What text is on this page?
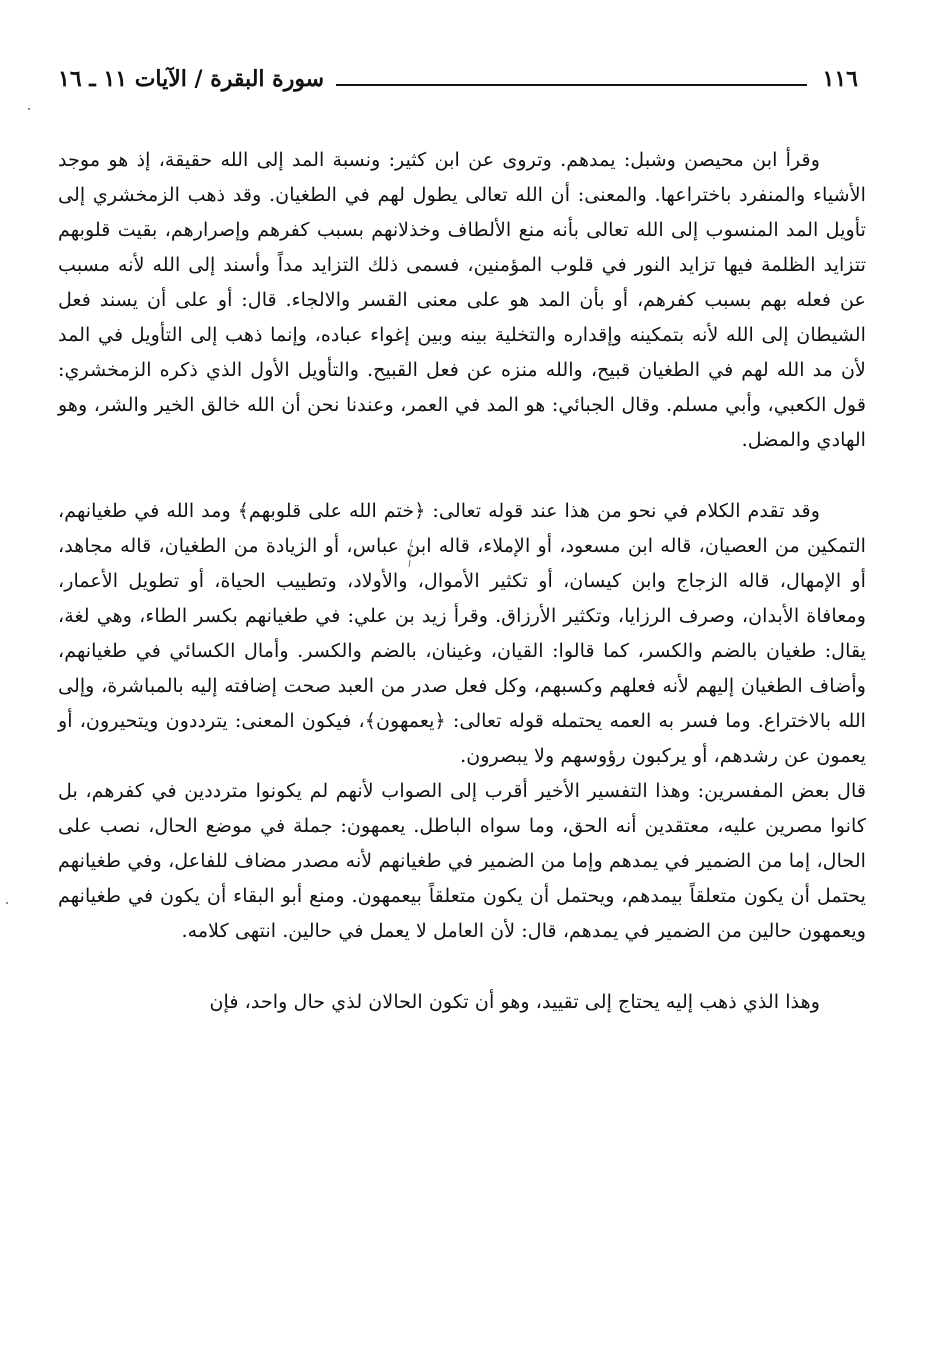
١١٦
سورة البقرة / الآيات ١١ ـ ١٦

وقرأ ابن محيصن وشبل: يمدهم. وتروى عن ابن كثير: ونسبة المد إلى الله حقيقة، إذ هو موجد الأشياء والمنفرد باختراعها. والمعنى: أن الله تعالى يطول لهم في الطغيان. وقد ذهب الزمخشري إلى تأويل المد المنسوب إلى الله تعالى بأنه منع الألطاف وخذلانهم بسبب كفرهم وإصرارهم، بقيت قلوبهم تتزايد الظلمة فيها تزايد النور في قلوب المؤمنين، فسمى ذلك التزايد مداً وأسند إلى الله لأنه مسبب عن فعله بهم بسبب كفرهم، أو بأن المد هو على معنى القسر والالجاء. قال: أو على أن يسند فعل الشيطان إلى الله لأنه بتمكينه وإقداره والتخلية بينه وبين إغواء عباده، وإنما ذهب إلى التأويل في المد لأن مد الله لهم في الطغيان قبيح، والله منزه عن فعل القبيح. والتأويل الأول الذي ذكره الزمخشري: قول الكعبي، وأبي مسلم. وقال الجبائي: هو المد في العمر، وعندنا نحن أن الله خالق الخير والشر، وهو الهادي والمضل.

وقد تقدم الكلام في نحو من هذا عند قوله تعالى: ﴿ختم الله على قلوبهم﴾ ومد الله في طغيانهم، التمكين من العصيان، قاله ابن مسعود، أو الإملاء، قاله ابن عباس، أو الزيادة من الطغيان، قاله مجاهد، أو الإمهال، قاله الزجاج وابن كيسان، أو تكثير الأموال، والأولاد، وتطييب الحياة، أو تطويل الأعمار، ومعافاة الأبدان، وصرف الرزايا، وتكثير الأرزاق. وقرأ زيد بن علي: في طغيانهم بكسر الطاء، وهي لغة، يقال: طغيان بالضم والكسر، كما قالوا: القيان، وغينان، بالضم والكسر. وأمال الكسائي في طغيانهم، وأضاف الطغيان إليهم لأنه فعلهم وكسبهم، وكل فعل صدر من العبد صحت إضافته إليه بالمباشرة، وإلى الله بالاختراع. وما فسر به العمه يحتمله قوله تعالى: ﴿يعمهون﴾، فيكون المعنى: يترددون ويتحيرون، أو يعمون عن رشدهم، أو يركبون رؤوسهم ولا يبصرون.

قال بعض المفسرين: وهذا التفسير الأخير أقرب إلى الصواب لأنهم لم يكونوا مترددين في كفرهم، بل كانوا مصرين عليه، معتقدين أنه الحق، وما سواه الباطل. يعمهون: جملة في موضع الحال، نصب على الحال، إما من الضمير في يمدهم وإما من الضمير في طغيانهم لأنه مصدر مضاف للفاعل، وفي طغيانهم يحتمل أن يكون متعلقاً بيمدهم، ويحتمل أن يكون متعلقاً بيعمهون. ومنع أبو البقاء أن يكون في طغيانهم ويعمهون حالين من الضمير في يمدهم، قال: لأن العامل لا يعمل في حالين. انتهى كلامه.

وهذا الذي ذهب إليه يحتاج إلى تقييد، وهو أن تكون الحالان لذي حال واحد، فإن
